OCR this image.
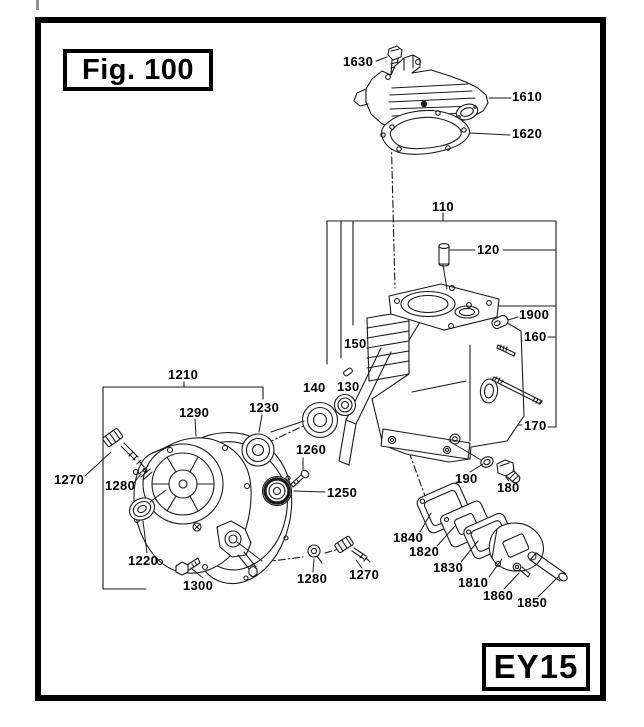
Fig. 100
EY15
1630
1610
1620
110
120
1900
160
150
130
140
170
190
180
1210
1290	1230
1260
1250
1270 1280
1220
1300	1280 1270
1840
1820
1830
1810
1860 1850
